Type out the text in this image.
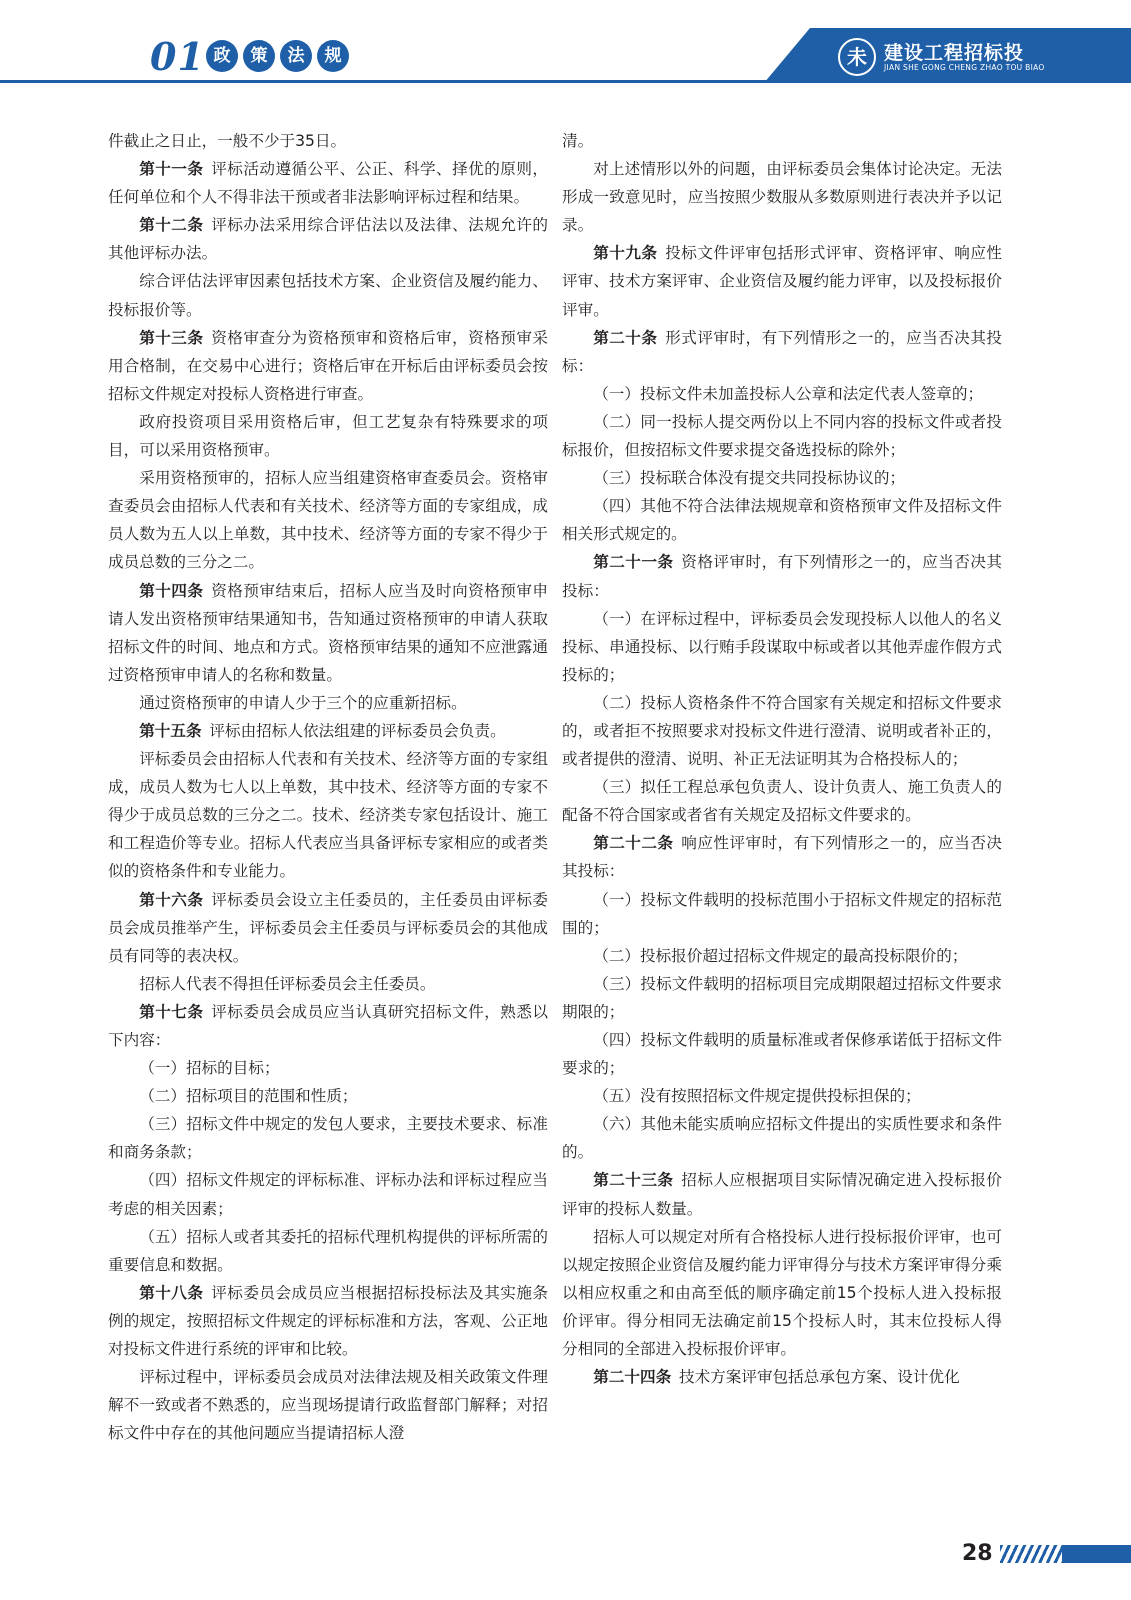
01 政	策	法	规	未 建设工程招标投
JIAN SHE GONG CHENG ZHAO TOU BIAO

件截止之日止，一般不少于35日。

第十一条 评标活动遵循公平、公正、科学、择优的原则，任何单位和个人不得非法干预或者非法影响评标过程和结果。

第十二条 评标办法采用综合评估法以及法律、法规允许的其他评标办法。

综合评估法评审因素包括技术方案、企业资信及履约能力、投标报价等。

第十三条 资格审查分为资格预审和资格后审，资格预审采用合格制，在交易中心进行；资格后审在开标后由评标委员会按招标文件规定对投标人资格进行审查。

政府投资项目采用资格后审，但工艺复杂有特殊要求的项目，可以采用资格预审。

采用资格预审的，招标人应当组建资格审查委员会。资格审查委员会由招标人代表和有关技术、经济等方面的专家组成，成员人数为五人以上单数，其中技术、经济等方面的专家不得少于成员总数的三分之二。

第十四条 资格预审结束后，招标人应当及时向资格预审申请人发出资格预审结果通知书，告知通过资格预审的申请人获取招标文件的时间、地点和方式。资格预审结果的通知不应泄露通过资格预审申请人的名称和数量。

通过资格预审的申请人少于三个的应重新招标。

第十五条 评标由招标人依法组建的评标委员会负责。

评标委员会由招标人代表和有关技术、经济等方面的专家组成，成员人数为七人以上单数，其中技术、经济等方面的专家不得少于成员总数的三分之二。技术、经济类专家包括设计、施工和工程造价等专业。招标人代表应当具备评标专家相应的或者类似的资格条件和专业能力。

第十六条 评标委员会设立主任委员的，主任委员由评标委员会成员推举产生，评标委员会主任委员与评标委员会的其他成员有同等的表决权。

招标人代表不得担任评标委员会主任委员。

第十七条 评标委员会成员应当认真研究招标文件，熟悉以下内容：

（一）招标的目标；

（二）招标项目的范围和性质；

（三）招标文件中规定的发包人要求，主要技术要求、标准和商务条款；

（四）招标文件规定的评标标准、评标办法和评标过程应当考虑的相关因素；

（五）招标人或者其委托的招标代理机构提供的评标所需的重要信息和数据。

第十八条 评标委员会成员应当根据招标投标法及其实施条例的规定，按照招标文件规定的评标标准和方法，客观、公正地对投标文件进行系统的评审和比较。

评标过程中，评标委员会成员对法律法规及相关政策文件理解不一致或者不熟悉的，应当现场提请行政监督部门解释；对招标文件中存在的其他问题应当提请招标人澄

清。

对上述情形以外的问题，由评标委员会集体讨论决定。无法形成一致意见时，应当按照少数服从多数原则进行表决并予以记录。

第十九条 投标文件评审包括形式评审、资格评审、响应性评审、技术方案评审、企业资信及履约能力评审，以及投标报价评审。

第二十条 形式评审时，有下列情形之一的，应当否决其投标：

（一）投标文件未加盖投标人公章和法定代表人签章的；

（二）同一投标人提交两份以上不同内容的投标文件或者投标报价，但按招标文件要求提交备选投标的除外；

（三）投标联合体没有提交共同投标协议的；

（四）其他不符合法律法规规章和资格预审文件及招标文件相关形式规定的。

第二十一条 资格评审时，有下列情形之一的，应当否决其投标：

（一）在评标过程中，评标委员会发现投标人以他人的名义投标、串通投标、以行贿手段谋取中标或者以其他弄虚作假方式投标的；

（二）投标人资格条件不符合国家有关规定和招标文件要求的，或者拒不按照要求对投标文件进行澄清、说明或者补正的，或者提供的澄清、说明、补正无法证明其为合格投标人的；

（三）拟任工程总承包负责人、设计负责人、施工负责人的配备不符合国家或者省有关规定及招标文件要求的。

第二十二条 响应性评审时，有下列情形之一的，应当否决其投标：

（一）投标文件载明的投标范围小于招标文件规定的招标范围的；

（二）投标报价超过招标文件规定的最高投标限价的；

（三）投标文件载明的招标项目完成期限超过招标文件要求期限的；

（四）投标文件载明的质量标准或者保修承诺低于招标文件要求的；

（五）没有按照招标文件规定提供投标担保的；

（六）其他未能实质响应招标文件提出的实质性要求和条件的。

第二十三条 招标人应根据项目实际情况确定进入投标报价评审的投标人数量。

招标人可以规定对所有合格投标人进行投标报价评审，也可以规定按照企业资信及履约能力评审得分与技术方案评审得分乘以相应权重之和由高至低的顺序确定前15个投标人进入投标报价评审。得分相同无法确定前15个投标人时，其末位投标人得分相同的全部进入投标报价评审。

第二十四条 技术方案评审包括总承包方案、设计优化

28
